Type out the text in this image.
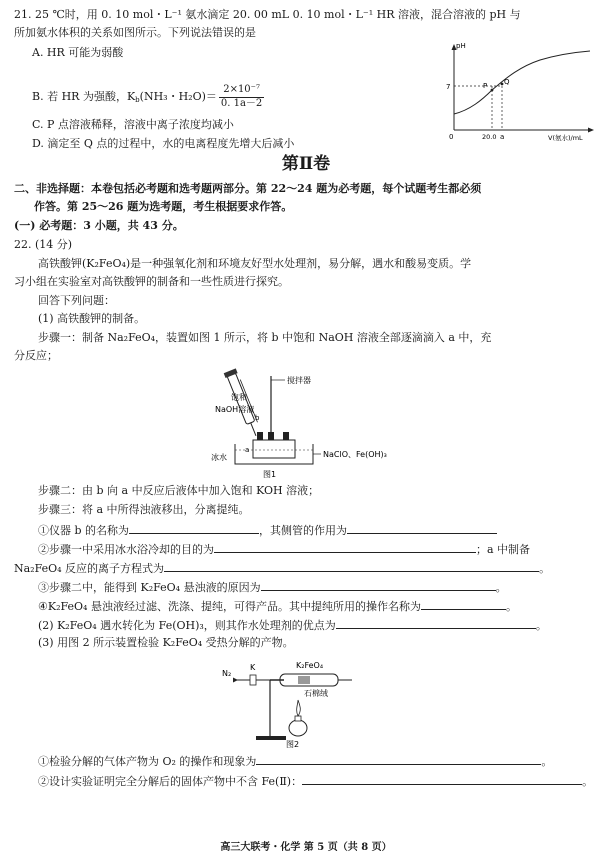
21. 25 ℃时，用 0. 10 mol・L⁻¹ 氨水滴定 20. 00 mL 0. 10 mol・L⁻¹ HR 溶液，混合溶液的 pH 与
所加氨水体积的关系如图所示。下列说法错误的是
A. HR 可能为弱酸
B. 若 HR 为强酸，$K_b(NH_3$・$H_2O)= \frac{\text{2×10⁻⁷}}{0. 1a-2}$
C. P 点溶液稀释，溶液中离子浓度均减小
D. 滴定至 Q 点的过程中，水的电离程度先增大后减小
pH
7
0
P Q
20.0 a	V(氨水)/mL
第Ⅱ卷
二、非选择题：本卷包括必考题和选考题两部分。第 22～24 题为必考题，每个试题考生都必须
作答。第 25～26 题为选考题，考生根据要求作答。
(一) 必考题：3 小题，共 43 分。
22. (14 分)
高铁酸钾(K₂FeO₄)是一种强氧化剂和环境友好型水处理剂，易分解，遇水和酸易变质。学
习小组在实验室对高铁酸钾的制备和一些性质进行探究。
回答下列问题：
(1) 高铁酸钾的制备。
步骤一：制备 Na₂FeO₄，装置如图 1 所示，将 b 中饱和 NaOH 溶液全部逐滴滴入 a 中，充
分反应；
搅拌器
饱和
NaOH溶液
b
a
冰水	NaClO、Fe(OH)₃
图1
步骤二：由 b 向 a 中反应后液体中加入饱和 KOH 溶液；
步骤三：将 a 中所得浊液移出，分离提纯。
①仪器 b 的名称为	，其侧管的作用为
②步骤一中采用冰水浴冷却的目的为	；a 中制备
Na₂FeO₄ 反应的离子方程式为	。
③步骤二中，能得到 K₂FeO₄ 悬浊液的原因为	。
④K₂FeO₄ 悬浊液经过滤、洗涤、提纯，可得产品。其中提纯所用的操作名称为	。
(2) K₂FeO₄ 遇水转化为 Fe(OH)₃，则其作水处理剂的优点为	。
(3) 用图 2 所示装置检验 K₂FeO₄ 受热分解的产物。
N₂
K	K₂FeO₄
石棉绒
图2
①检验分解的气体产物为 O₂ 的操作和现象为	。
②设计实验证明完全分解后的固体产物中不含 Fe(Ⅱ)：	。
高三大联考・化学 第 5 页（共 8 页）
